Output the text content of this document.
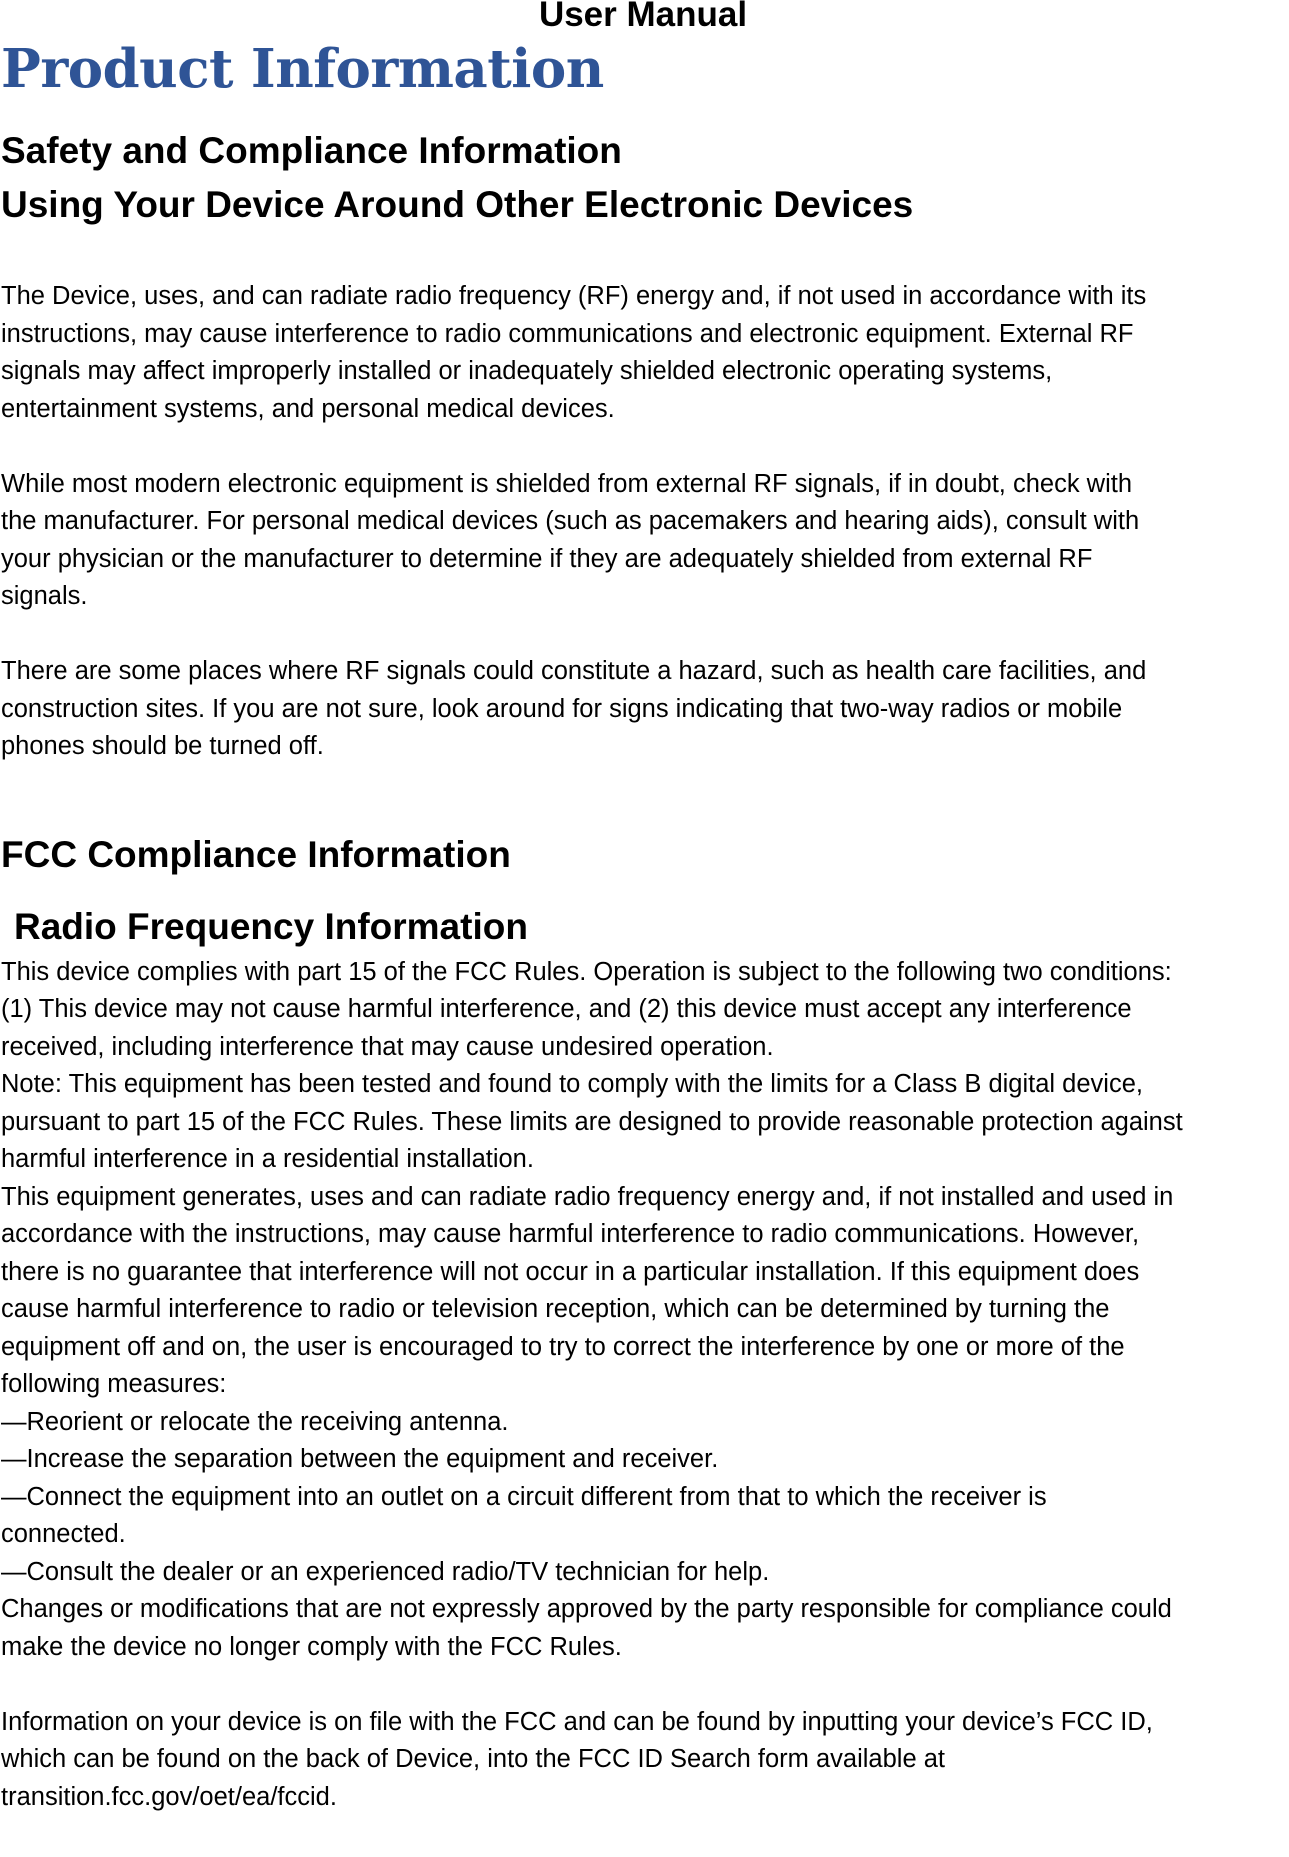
User Manual
Product Information
Safety and Compliance Information
Using Your Device Around Other Electronic Devices
The Device, uses, and can radiate radio frequency (RF) energy and, if not used in accordance with its
instructions, may cause interference to radio communications and electronic equipment. External RF
signals may affect improperly installed or inadequately shielded electronic operating systems,
entertainment systems, and personal medical devices.
While most modern electronic equipment is shielded from external RF signals, if in doubt, check with
the manufacturer. For personal medical devices (such as pacemakers and hearing aids), consult with
your physician or the manufacturer to determine if they are adequately shielded from external RF
signals.
There are some places where RF signals could constitute a hazard, such as health care facilities, and
construction sites. If you are not sure, look around for signs indicating that two-way radios or mobile
phones should be turned off.
FCC Compliance Information
Radio Frequency Information
This device complies with part 15 of the FCC Rules. Operation is subject to the following two conditions:
(1) This device may not cause harmful interference, and (2) this device must accept any interference
received, including interference that may cause undesired operation.
Note: This equipment has been tested and found to comply with the limits for a Class B digital device,
pursuant to part 15 of the FCC Rules. These limits are designed to provide reasonable protection against
harmful interference in a residential installation.
This equipment generates, uses and can radiate radio frequency energy and, if not installed and used in
accordance with the instructions, may cause harmful interference to radio communications. However,
there is no guarantee that interference will not occur in a particular installation. If this equipment does
cause harmful interference to radio or television reception, which can be determined by turning the
equipment off and on, the user is encouraged to try to correct the interference by one or more of the
following measures:
—Reorient or relocate the receiving antenna.
—Increase the separation between the equipment and receiver.
—Connect the equipment into an outlet on a circuit different from that to which the receiver is
connected.
—Consult the dealer or an experienced radio/TV technician for help.
Changes or modifications that are not expressly approved by the party responsible for compliance could
make the device no longer comply with the FCC Rules.
Information on your device is on file with the FCC and can be found by inputting your device’s FCC ID,
which can be found on the back of Device, into the FCC ID Search form available at
transition.fcc.gov/oet/ea/fccid.
